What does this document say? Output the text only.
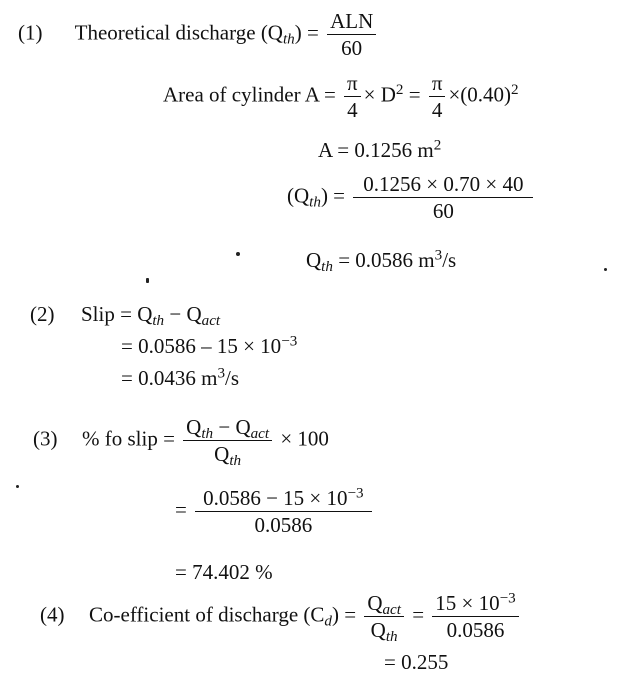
(1) Theoretical discharge $(Q_{th}) = \frac{\text{ALN}}{60}$
Area of cylinder $A = \frac{\pi}{4} \times D^2 = \frac{\pi}{4} \times(0.40)^2$
A = 0.1256 $m^2$
$(Q_{th}) = \frac{0.1256 \times 0.70 \times 40}{60}$
$Q_{th} = 0.0586$ $m^3/s$
(2) Slip = $Q_{th} - Q_{act}$
= $0.0586 - 15 \times 10^{-3}$
= 0.0436 $m^3/s$
(3) % fo slip = $\frac{Q_{th} - Q_{act}}{Q_{th}} \times 100$
= $\frac{0.0586 - 15 \times 10^{-3}}{0.0586}$
= 74.402 %
(4) Co-efficient of discharge $(C_d) = \frac{Q_{act}}{Q_{th}} = \frac{15 \times 10^{-3}}{0.0586}$
= 0.255
